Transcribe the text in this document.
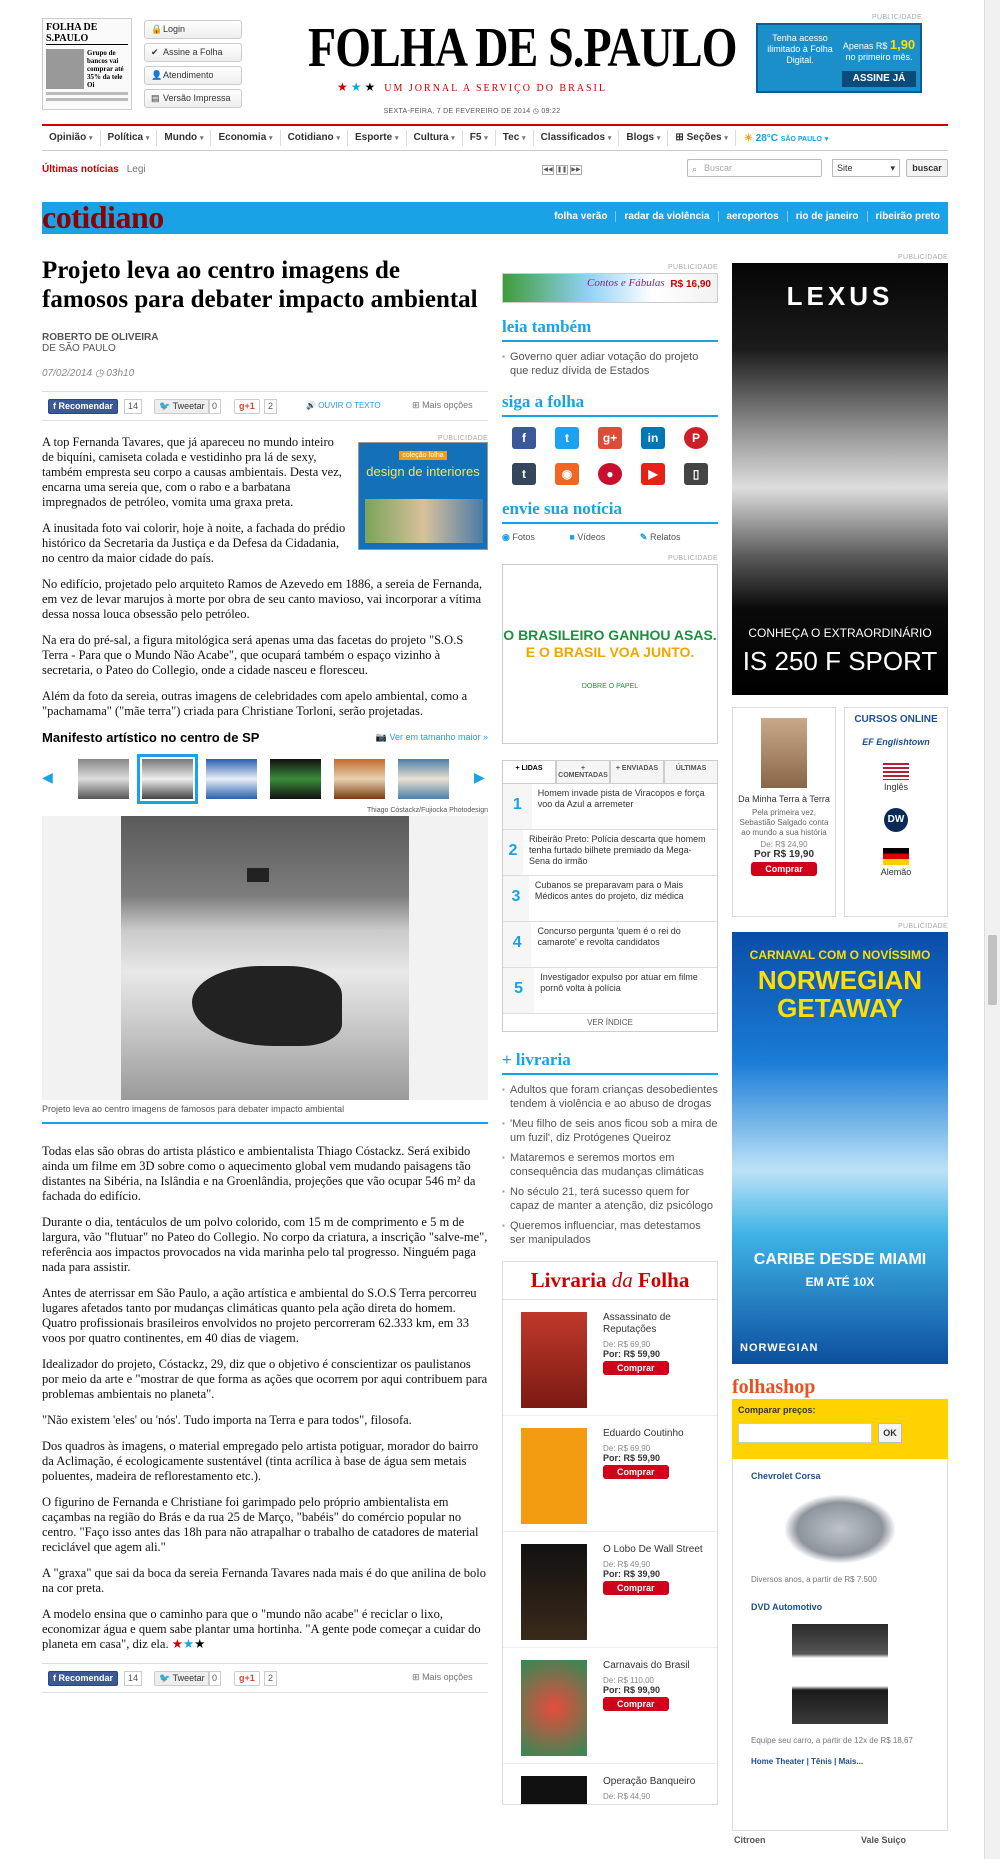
FOLHA DE S.PAULO
Grupo de bancos vai comprar até 35% da tele Oi
🔒Login
✔ Assine a Folha
👤Atendimento
▤ Versão Impressa
FOLHA DE S.PAULO
★ ★ ★ UM JORNAL A SERVIÇO DO BRASIL
SEXTA-FEIRA, 7 DE FEVEREIRO DE 2014 ◷ 09:22
PUBLICIDADE
Tenha acesso ilimitado à Folha Digital.
Apenas R$ 1,90
no primeiro mês.
ASSINE JÁ
Opinião ▾	Política ▾	Mundo ▾	Economia ▾	Cotidiano ▾	Esporte ▾	Cultura ▾	F5 ▾	Tec ▾	Classificados ▾	Blogs ▾	⊞ Seções ▾	☀ 28°C SÃO PAULO ▾
Últimas notícias Legi	◀◀ ❚❚ ▶▶	⌕ Buscar	Site	▾	buscar
cotidiano	folha verão radar da violência aeroportos rio de janeiro ribeirão preto
Projeto leva ao centro imagens de famosos para debater impacto ambiental
ROBERTO DE OLIVEIRA
DE SÃO PAULO
07/02/2014 ◷ 03h10
f Recomendar	14	🐦 Tweetar 0	g+1	2	🔊 OUVIR O TEXTO	⊞ Mais opções
PUBLICIDADE
coleção folha
design de interiores

A top Fernanda Tavares, que já apareceu no mundo inteiro de biquíni, camiseta colada e vestidinho pra lá de sexy, também empresta seu corpo a causas ambientais. Desta vez, encarna uma sereia que, com o rabo e a barbatana impregnados de petróleo, vomita uma graxa preta.

A inusitada foto vai colorir, hoje à noite, a fachada do prédio histórico da Secretaria da Justiça e da Defesa da Cidadania, no centro da maior cidade do país.

No edifício, projetado pelo arquiteto Ramos de Azevedo em 1886, a sereia de Fernanda, em vez de levar marujos à morte por obra de seu canto mavioso, vai incorporar a vítima dessa nossa louca obsessão pelo petróleo.

Na era do pré-sal, a figura mitológica será apenas uma das facetas do projeto "S.O.S Terra - Para que o Mundo Não Acabe", que ocupará também o espaço vizinho à secretaria, o Pateo do Collegio, onde a cidade nasceu e floresceu.

Além da foto da sereia, outras imagens de celebridades com apelo ambiental, como a "pachamama" ("mãe terra") criada para Christiane Torloni, serão projetadas.

Manifesto artístico no centro de SP	📷 Ver em tamanho maior »
◀	▶
Thiago Cóstackz/Fujiocka Photodesign
Projeto leva ao centro imagens de famosos para debater impacto ambiental

Todas elas são obras do artista plástico e ambientalista Thiago Cóstackz. Será exibido ainda um filme em 3D sobre como o aquecimento global vem mudando paisagens tão distantes na Sibéria, na Islândia e na Groenlândia, projeções que vão ocupar 546 m² da fachada do edifício.

Durante o dia, tentáculos de um polvo colorido, com 15 m de comprimento e 5 m de largura, vão "flutuar" no Pateo do Collegio. No corpo da criatura, a inscrição "salve-me", referência aos impactos provocados na vida marinha pelo tal progresso. Ninguém paga nada para assistir.

Antes de aterrissar em São Paulo, a ação artística e ambiental do S.O.S Terra percorreu lugares afetados tanto por mudanças climáticas quanto pela ação direta do homem. Quatro profissionais brasileiros envolvidos no projeto percorreram 62.333 km, em 33 voos por quatro continentes, em 40 dias de viagem.

Idealizador do projeto, Cóstackz, 29, diz que o objetivo é conscientizar os paulistanos por meio da arte e "mostrar de que forma as ações que ocorrem por aqui contribuem para problemas ambientais no planeta".

"Não existem 'eles' ou 'nós'. Tudo importa na Terra e para todos", filosofa.

Dos quadros às imagens, o material empregado pelo artista potiguar, morador do bairro da Aclimação, é ecologicamente sustentável (tinta acrílica à base de água sem metais poluentes, madeira de reflorestamento etc.).

O figurino de Fernanda e Christiane foi garimpado pelo próprio ambientalista em caçambas na região do Brás e da rua 25 de Março, "babéis" do comércio popular no centro. "Faço isso antes das 18h para não atrapalhar o trabalho de catadores de material reciclável que agem ali."

A "graxa" que sai da boca da sereia Fernanda Tavares nada mais é do que anilina de bolo na cor preta.

A modelo ensina que o caminho para que o "mundo não acabe" é reciclar o lixo, economizar água e quem sabe plantar uma hortinha. "A gente pode começar a cuidar do planeta em casa", diz ela. ★★★

f Recomendar	14	🐦 Tweetar 0	g+1	2	⊞ Mais opções
PUBLICIDADE
Contos e Fábulas R$ 16,90
leia também
▪ Governo quer adiar votação do projeto que reduz dívida de Estados
siga a folha
f	t	g+	in	P
t	◉	●	▶	▯
envie sua notícia
◉ Fotos	■ Vídeos	✎ Relatos
PUBLICIDADE
O BRASILEIRO GANHOU ASAS.
E O BRASIL VOA JUNTO.
DOBRE O PAPEL
+ LIDAS	+ COMENTADAS
+ ENVIADAS	ÚLTIMAS
1
Homem invade pista de Viracopos e força voo da Azul a arremeter
2
Ribeirão Preto: Polícia descarta que homem tenha furtado bilhete premiado da Mega-Sena do irmão
3
Cubanos se preparavam para o Mais Médicos antes do projeto, diz médica
4
Concurso pergunta 'quem é o rei do camarote' e revolta candidatos
5
Investigador expulso por atuar em filme pornô volta à polícia
VER ÍNDICE
+ livraria
▪ Adultos que foram crianças desobedientes tendem à violência e ao abuso de drogas
▪ 'Meu filho de seis anos ficou sob a mira de um fuzil', diz Protógenes Queiroz
▪ Mataremos e seremos mortos em consequência das mudanças climáticas
▪ No século 21, terá sucesso quem for capaz de manter a atenção, diz psicólogo
▪ Queremos influenciar, mas detestamos ser manipulados
Livraria da Folha
Assassinato de Reputações
De: R$ 69,90
Por: R$ 59,90
Comprar
Eduardo Coutinho
De: R$ 69,90
Por: R$ 59,90
Comprar
O Lobo De Wall Street
De: R$ 49,90
Por: R$ 39,90
Comprar
Carnavais do Brasil
De: R$ 110,00
Por: R$ 99,90
Comprar
Operação Banqueiro
De: R$ 44,90
PUBLICIDADE
LEXUS
CONHEÇA O EXTRAORDINÁRIO
IS 250 F SPORT
Da Minha Terra à Terra
Pela primeira vez, Sebastião Salgado conta ao mundo a sua história
De: R$ 24,90
Por R$ 19,90
Comprar
CURSOS ONLINE
EF Englishtown
Inglês
DW
Alemão
PUBLICIDADE
CARNAVAL COM O NOVÍSSIMO
NORWEGIAN GETAWAY
CARIBE DESDE MIAMI
EM ATÉ 10X
NORWEGIAN
folhashop
Comparar preços:
OK
Chevrolet Corsa
Diversos anos, a partir de R$ 7.500
DVD Automotivo
Equipe seu carro, a partir de 12x de R$ 18,67
Home Theater | Tênis | Mais...
Citroen	Vale Suiço
